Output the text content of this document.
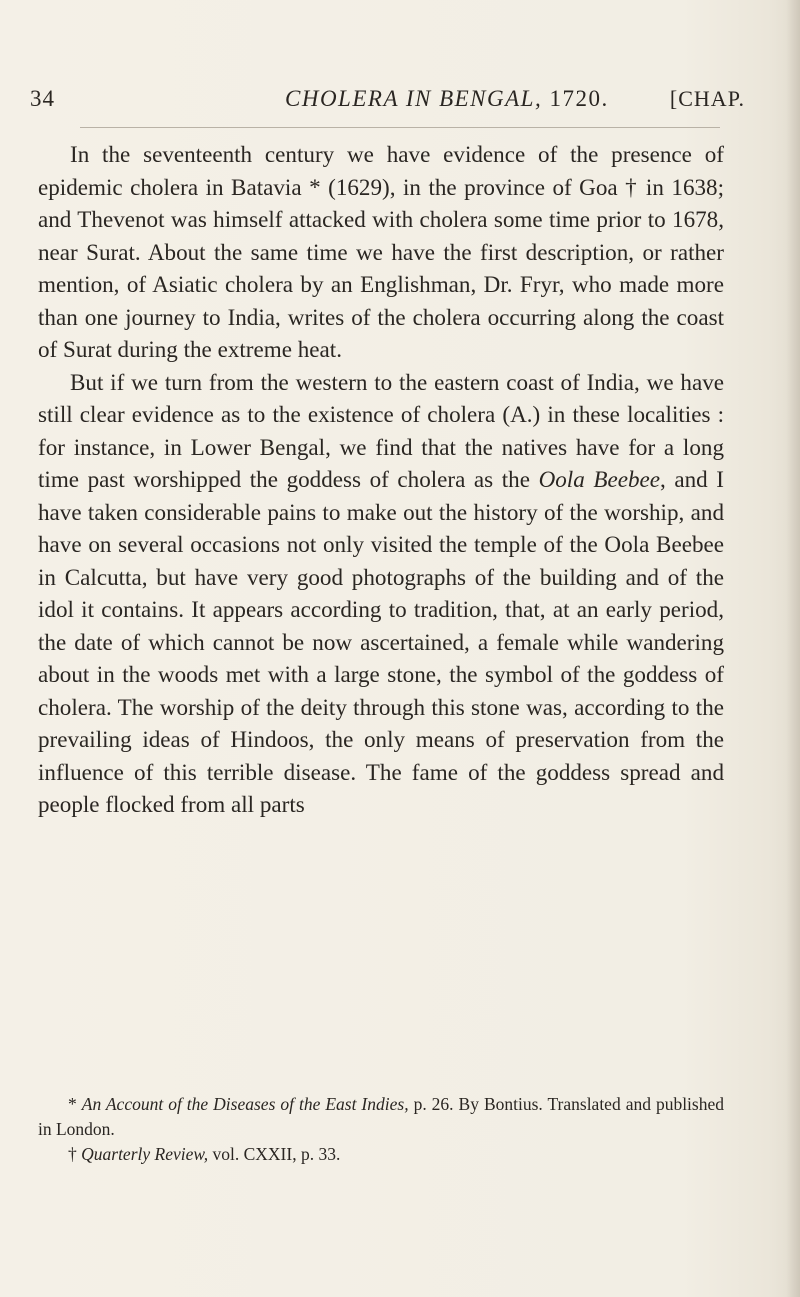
34	CHOLERA IN BENGAL, 1720.	[CHAP.

In the seventeenth century we have evidence of the presence of epidemic cholera in Batavia * (1629), in the province of Goa † in 1638; and Thevenot was himself attacked with cholera some time prior to 1678, near Surat. About the same time we have the first description, or rather mention, of Asiatic cholera by an Englishman, Dr. Fryr, who made more than one journey to India, writes of the cholera occurring along the coast of Surat during the extreme heat.

But if we turn from the western to the eastern coast of India, we have still clear evidence as to the existence of cholera (A.) in these localities : for instance, in Lower Bengal, we find that the natives have for a long time past worshipped the goddess of cholera as the Oola Beebee, and I have taken considerable pains to make out the history of the worship, and have on several occasions not only visited the temple of the Oola Beebee in Calcutta, but have very good photographs of the building and of the idol it contains. It appears according to tradition, that, at an early period, the date of which cannot be now ascertained, a female while wandering about in the woods met with a large stone, the symbol of the goddess of cholera. The worship of the deity through this stone was, according to the prevailing ideas of Hindoos, the only means of preservation from the influence of this terrible disease. The fame of the goddess spread and people flocked from all parts

* An Account of the Diseases of the East Indies, p. 26. By Bontius. Translated and published in London.

† Quarterly Review, vol. CXXII, p. 33.
